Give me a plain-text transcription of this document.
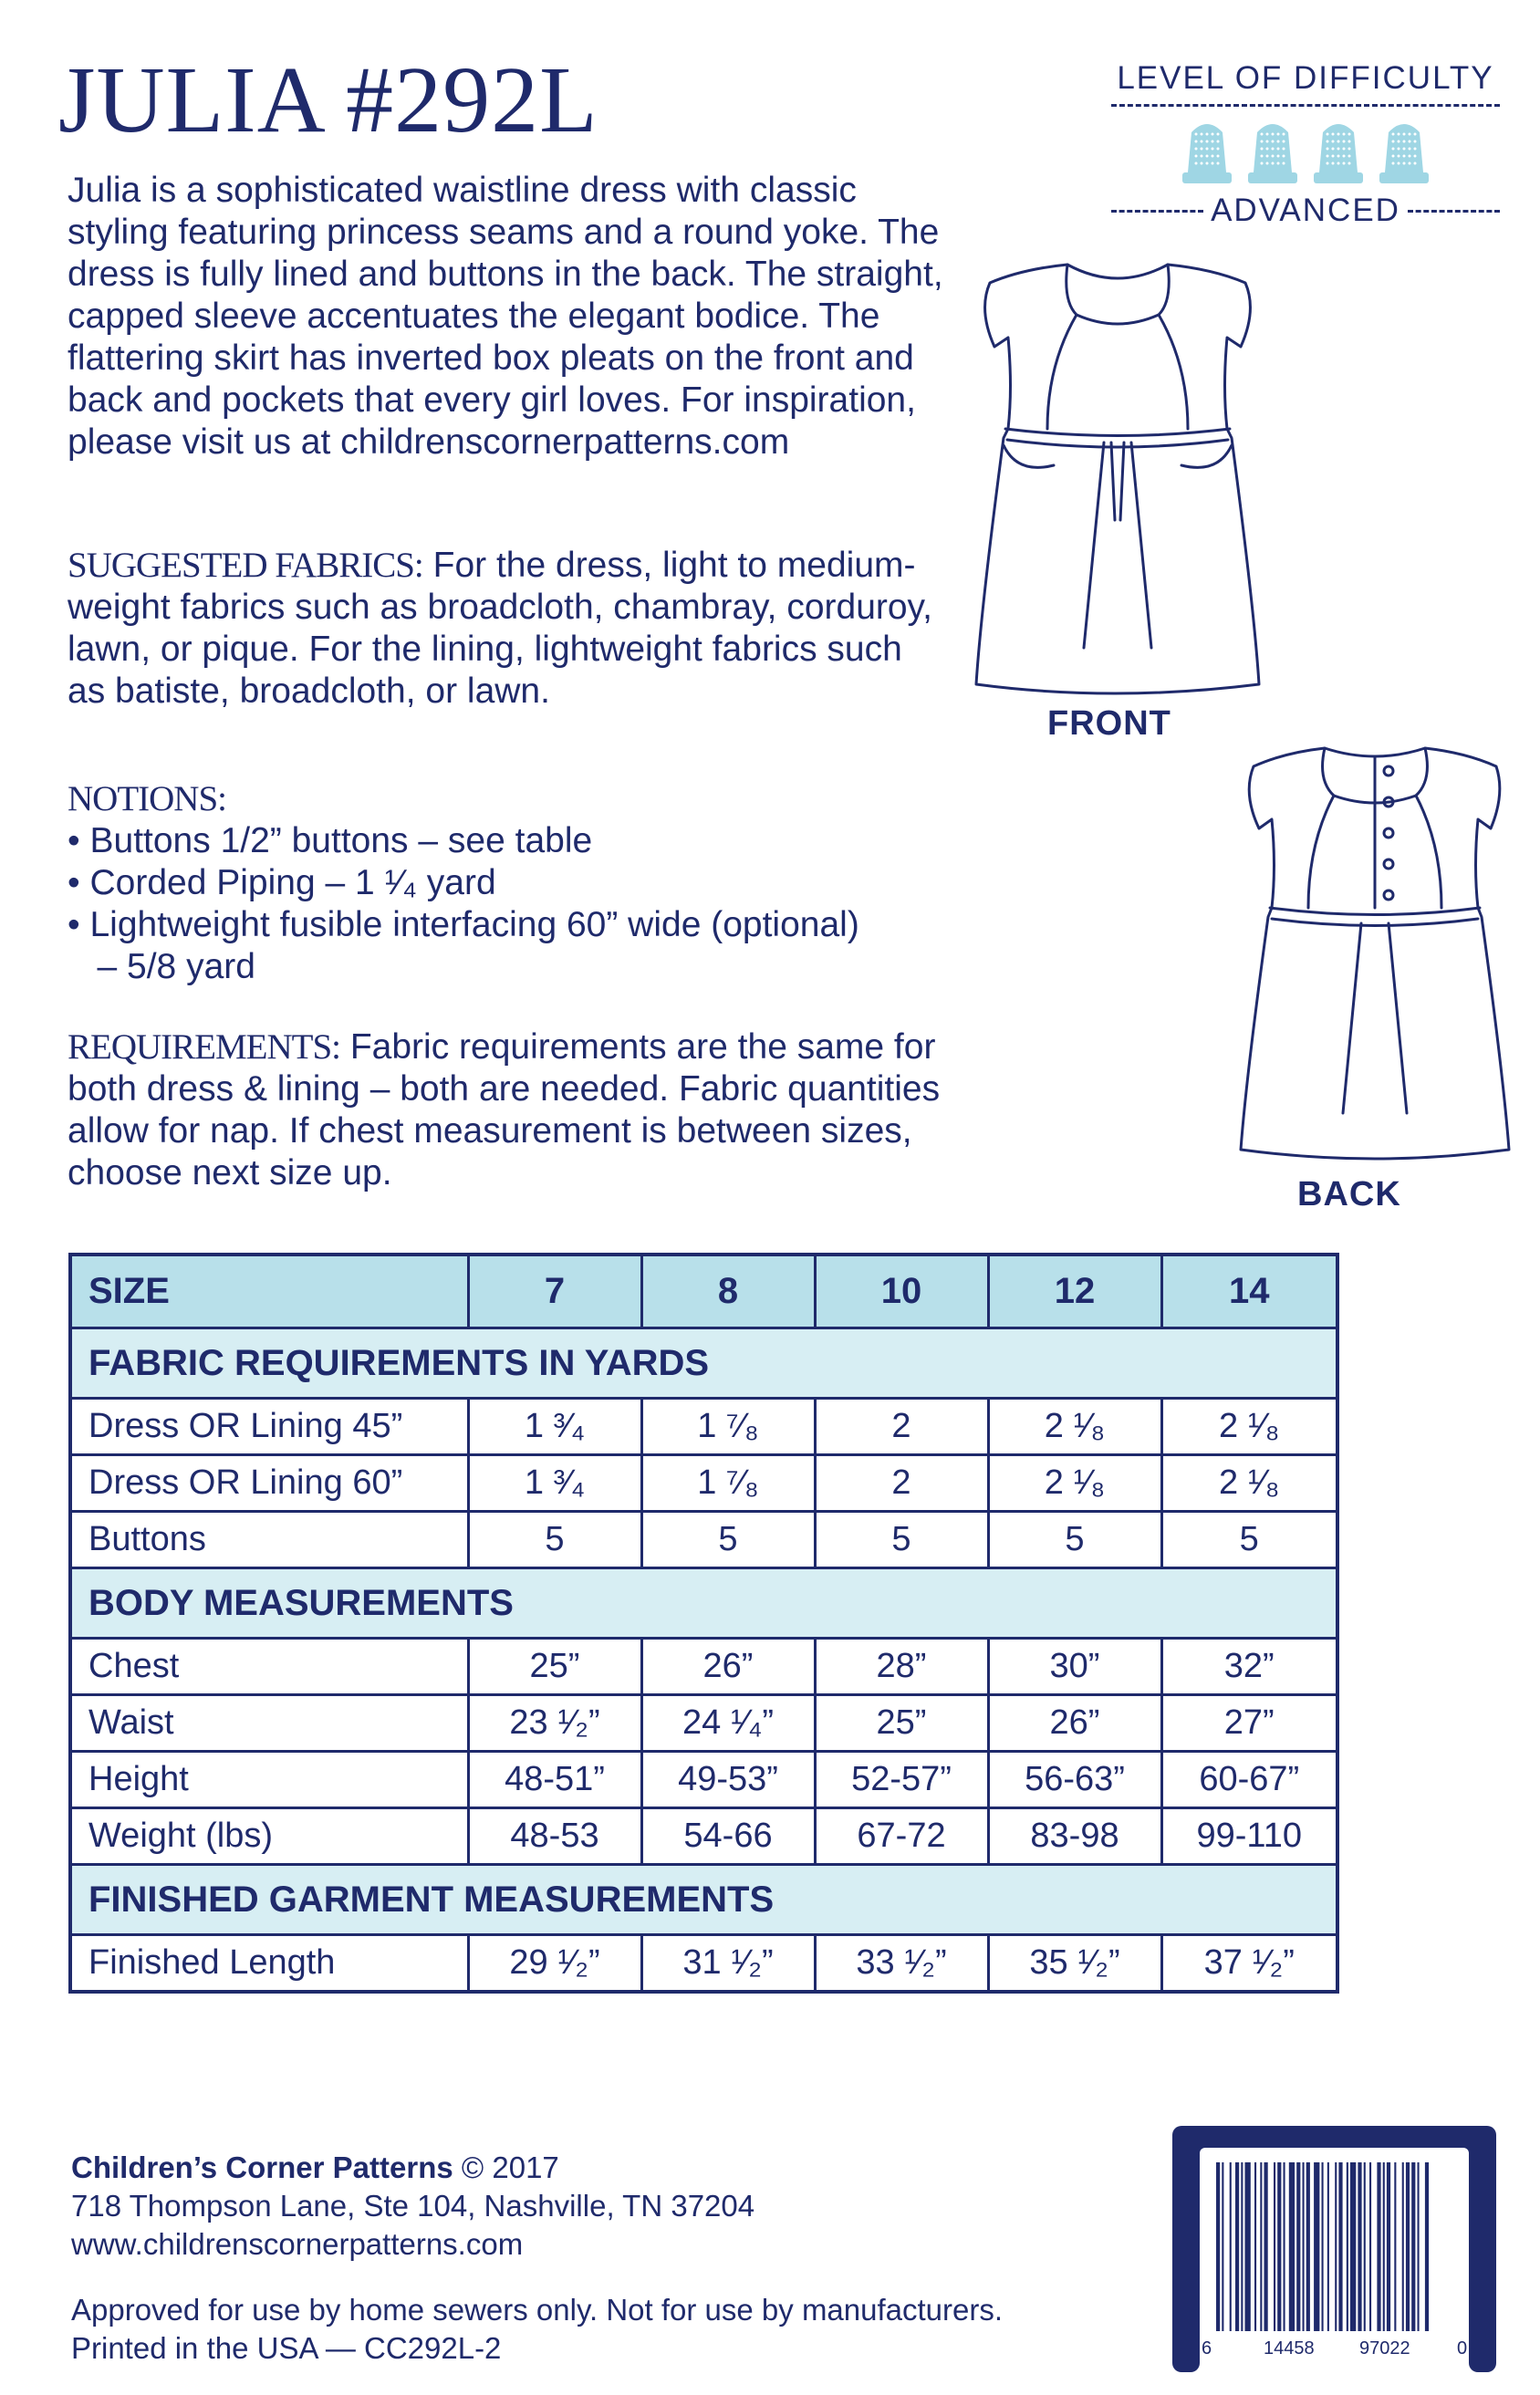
JULIA #292L	LEVEL OF DIFFICULTY
ADVANCED

Julia is a sophisticated waistline dress with classic styling featuring princess seams and a round yoke. The dress is fully lined and buttons in the back. The straight, capped sleeve accentuates the elegant bodice. The flattering skirt has inverted box pleats on the front and back and pockets that every girl loves. For inspiration, please visit us at childrenscornerpatterns.com

SUGGESTED FABRICS: For the dress, light to medium-weight fabrics such as broadcloth, chambray, corduroy, lawn, or pique. For the lining, lightweight fabrics such as batiste, broadcloth, or lawn.

NOTIONS:
• Buttons 1/2” buttons – see table
• Corded Piping – 1 ¹⁄₄ yard
• Lightweight fusible interfacing 60” wide (optional)
– 5/8 yard

REQUIREMENTS: Fabric requirements are the same for both dress & lining – both are needed. Fabric quantities allow for nap. If chest measurement is between sizes, choose next size up.

FRONT
BACK
SIZE	7	8	10	12	14
FABRIC REQUIREMENTS IN YARDS					
Dress OR Lining 45”	1 ³⁄₄	1 ⁷⁄₈	2	2 ¹⁄₈	2 ¹⁄₈
Dress OR Lining 60”	1 ³⁄₄	1 ⁷⁄₈	2	2 ¹⁄₈	2 ¹⁄₈
Buttons	5	5	5	5	5
BODY MEASUREMENTS					
Chest	25”	26”	28”	30”	32”
Waist	23 ¹⁄₂”	24 ¹⁄₄”	25”	26”	27”
Height	48-51”	49-53”	52-57”	56-63”	60-67”
Weight (lbs)	48-53	54-66	67-72	83-98	99-110
FINISHED GARMENT MEASUREMENTS					
Finished Length	29 ¹⁄₂”	31 ¹⁄₂”	33 ¹⁄₂”	35 ¹⁄₂”	37 ¹⁄₂”

Children’s Corner Patterns © 2017

718 Thompson Lane, Ste 104, Nashville, TN 37204

www.childrenscornerpatterns.com

Approved for use by home sewers only. Not for use by manufacturers.

Printed in the USA — CC292L-2	6	14458 97022	0
